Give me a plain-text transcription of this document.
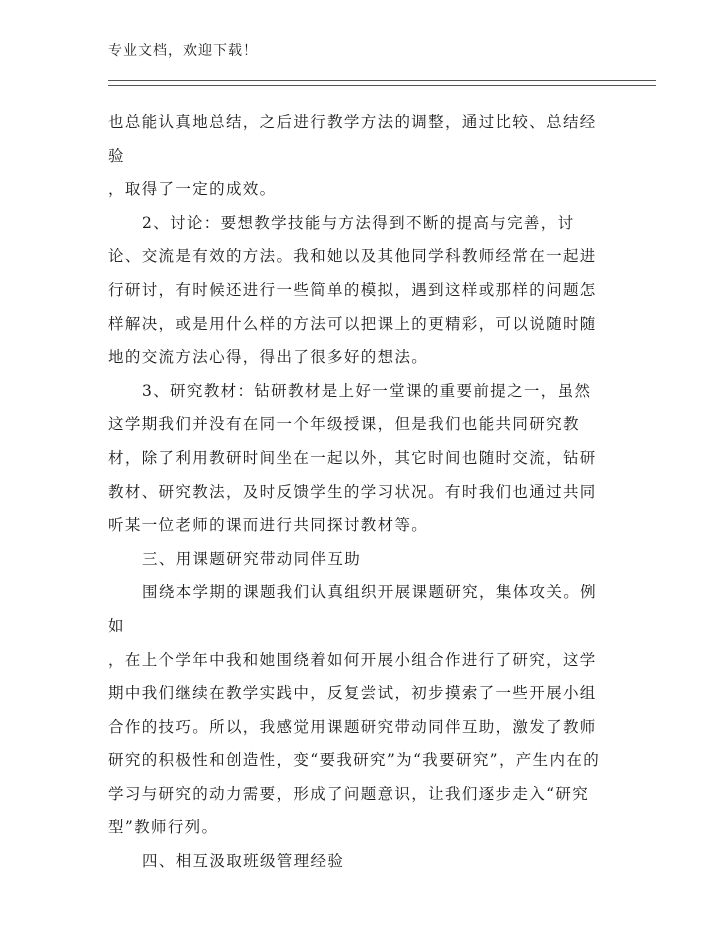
专业文档，欢迎下载！

也总能认真地总结，之后进行教学方法的调整，通过比较、总结经验

，取得了一定的成效。

2、讨论：要想教学技能与方法得到不断的提高与完善，讨论、交流是有效的方法。我和她以及其他同学科教师经常在一起进行研讨，有时候还进行一些简单的模拟，遇到这样或那样的问题怎样解决，或是用什么样的方法可以把课上的更精彩，可以说随时随地的交流方法心得，得出了很多好的想法。

3、研究教材：钻研教材是上好一堂课的重要前提之一，虽然这学期我们并没有在同一个年级授课，但是我们也能共同研究教材，除了利用教研时间坐在一起以外，其它时间也随时交流，钻研教材、研究教法，及时反馈学生的学习状况。有时我们也通过共同听某一位老师的课而进行共同探讨教材等。

三、用课题研究带动同伴互助

围绕本学期的课题我们认真组织开展课题研究，集体攻关。例如

，在上个学年中我和她围绕着如何开展小组合作进行了研究，这学期中我们继续在教学实践中，反复尝试，初步摸索了一些开展小组合作的技巧。所以，我感觉用课题研究带动同伴互助，激发了教师研究的积极性和创造性，变“要我研究”为“我要研究”，产生内在的学习与研究的动力需要，形成了问题意识，让我们逐步走入“研究型”教师行列。

四、相互汲取班级管理经验
